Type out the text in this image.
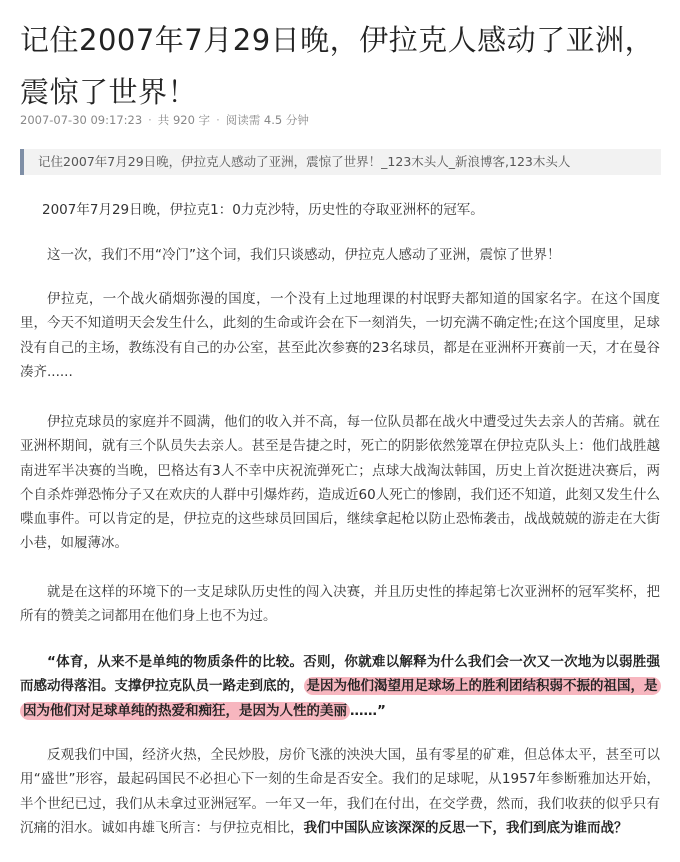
记住2007年7月29日晚，伊拉克人感动了亚洲，震惊了世界！
2007-07-30 09:17:23 · 共 920 字 · 阅读需 4.5 分钟
记住2007年7月29日晚，伊拉克人感动了亚洲，震惊了世界！_123木头人_新浪博客,123木头人

2007年7月29日晚，伊拉克1：0力克沙特，历史性的夺取亚洲杯的冠军。

这一次，我们不用“冷门”这个词，我们只谈感动，伊拉克人感动了亚洲，震惊了世界！

伊拉克，一个战火硝烟弥漫的国度，一个没有上过地理课的村氓野夫都知道的国家名字。在这个国度里，今天不知道明天会发生什么，此刻的生命或许会在下一刻消失，一切充满不确定性;在这个国度里，足球没有自己的主场，教练没有自己的办公室，甚至此次参赛的23名球员，都是在亚洲杯开赛前一天，才在曼谷凑齐......

伊拉克球员的家庭并不圆满，他们的收入并不高，每一位队员都在战火中遭受过失去亲人的苦痛。就在亚洲杯期间，就有三个队员失去亲人。甚至是告捷之时，死亡的阴影依然笼罩在伊拉克队头上：他们战胜越南进军半决赛的当晚，巴格达有3人不幸中庆祝流弹死亡；点球大战淘汰韩国，历史上首次挺进决赛后，两个自杀炸弹恐怖分子又在欢庆的人群中引爆炸药，造成近60人死亡的惨剧，我们还不知道，此刻又发生什么喋血事件。可以肯定的是，伊拉克的这些球员回国后，继续拿起枪以防止恐怖袭击，战战兢兢的游走在大街小巷，如履薄冰。

就是在这样的环境下的一支足球队历史性的闯入决赛，并且历史性的捧起第七次亚洲杯的冠军奖杯，把所有的赞美之词都用在他们身上也不为过。

“体育，从来不是单纯的物质条件的比较。否则，你就难以解释为什么我们会一次又一次地为以弱胜强而感动得落泪。支撑伊拉克队员一路走到底的， 是因为他们渴望用足球场上的胜利团结积弱不振的祖国，是因为他们对足球单纯的热爱和痴狂，是因为人性的美丽 ……”

反观我们中国，经济火热，全民炒股，房价飞涨的泱泱大国，虽有零星的矿难，但总体太平，甚至可以用“盛世”形容，最起码国民不必担心下一刻的生命是否安全。我们的足球呢，从1957年参断雅加达开始，半个世纪已过，我们从未拿过亚洲冠军。一年又一年，我们在付出，在交学费，然而，我们收获的似乎只有沉痛的泪水。诚如冉雄飞所言：与伊拉克相比，我们中国队应该深深的反思一下，我们到底为谁而战？
